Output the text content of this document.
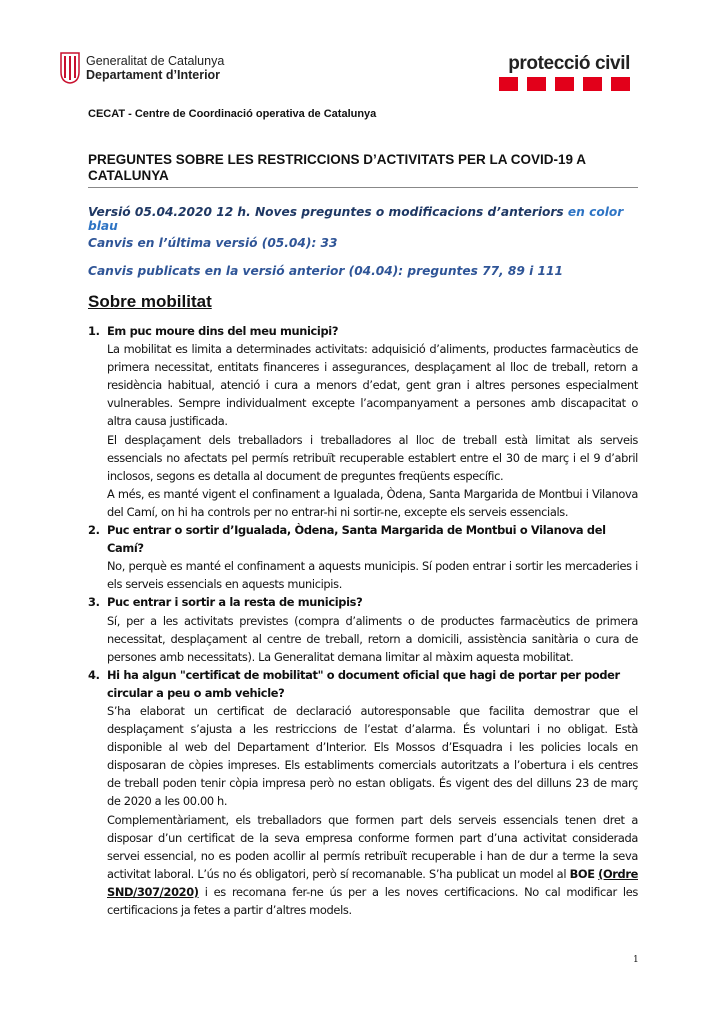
Generalitat de Catalunya
Departament d’Interior
protecció civil
CECAT - Centre de Coordinació operativa de Catalunya
PREGUNTES SOBRE LES RESTRICCIONS D’ACTIVITATS PER LA COVID-19 A CATALUNYA
Versió 05.04.2020 12 h. Noves preguntes o modificacions d’anteriors en color blau
Canvis en l’última versió (05.04): 33
Canvis publicats en la versió anterior (04.04): preguntes 77, 89 i 111
Sobre mobilitat
1. Em puc moure dins del meu municipi?

La mobilitat es limita a determinades activitats: adquisició d’aliments, productes farmacèutics de primera necessitat, entitats financeres i assegurances, desplaçament al lloc de treball, retorn a residència habitual, atenció i cura a menors d’edat, gent gran i altres persones especialment vulnerables. Sempre individualment excepte l’acompanyament a persones amb discapacitat o altra causa justificada.

El desplaçament dels treballadors i treballadores al lloc de treball està limitat als serveis essencials no afectats pel permís retribuït recuperable establert entre el 30 de març i el 9 d’abril inclosos, segons es detalla al document de preguntes freqüents específic.

A més, es manté vigent el confinament a Igualada, Òdena, Santa Margarida de Montbui i Vilanova del Camí, on hi ha controls per no entrar-hi ni sortir-ne, excepte els serveis essencials.

2. Puc entrar o sortir d’Igualada, Òdena, Santa Margarida de Montbui o Vilanova del Camí?

No, perquè es manté el confinament a aquests municipis. Sí poden entrar i sortir les mercaderies i els serveis essencials en aquests municipis.

3. Puc entrar i sortir a la resta de municipis?

Sí, per a les activitats previstes (compra d’aliments o de productes farmacèutics de primera necessitat, desplaçament al centre de treball, retorn a domicili, assistència sanitària o cura de persones amb necessitats). La Generalitat demana limitar al màxim aquesta mobilitat.

4. Hi ha algun "certificat de mobilitat" o document oficial que hagi de portar per poder circular a peu o amb vehicle?

S’ha elaborat un certificat de declaració autoresponsable que facilita demostrar que el desplaçament s’ajusta a les restriccions de l’estat d’alarma. És voluntari i no obligat. Està disponible al web del Departament d’Interior. Els Mossos d’Esquadra i les policies locals en disposaran de còpies impreses. Els establiments comercials autoritzats a l’obertura i els centres de treball poden tenir còpia impresa però no estan obligats. És vigent des del dilluns 23 de març de 2020 a les 00.00 h.

Complementàriament, els treballadors que formen part dels serveis essencials tenen dret a disposar d’un certificat de la seva empresa conforme formen part d’una activitat considerada servei essencial, no es poden acollir al permís retribuït recuperable i han de dur a terme la seva activitat laboral. L’ús no és obligatori, però sí recomanable. S’ha publicat un model al BOE (Ordre SND/307/2020) i es recomana fer-ne ús per a les noves certificacions. No cal modificar les certificacions ja fetes a partir d’altres models.

1
